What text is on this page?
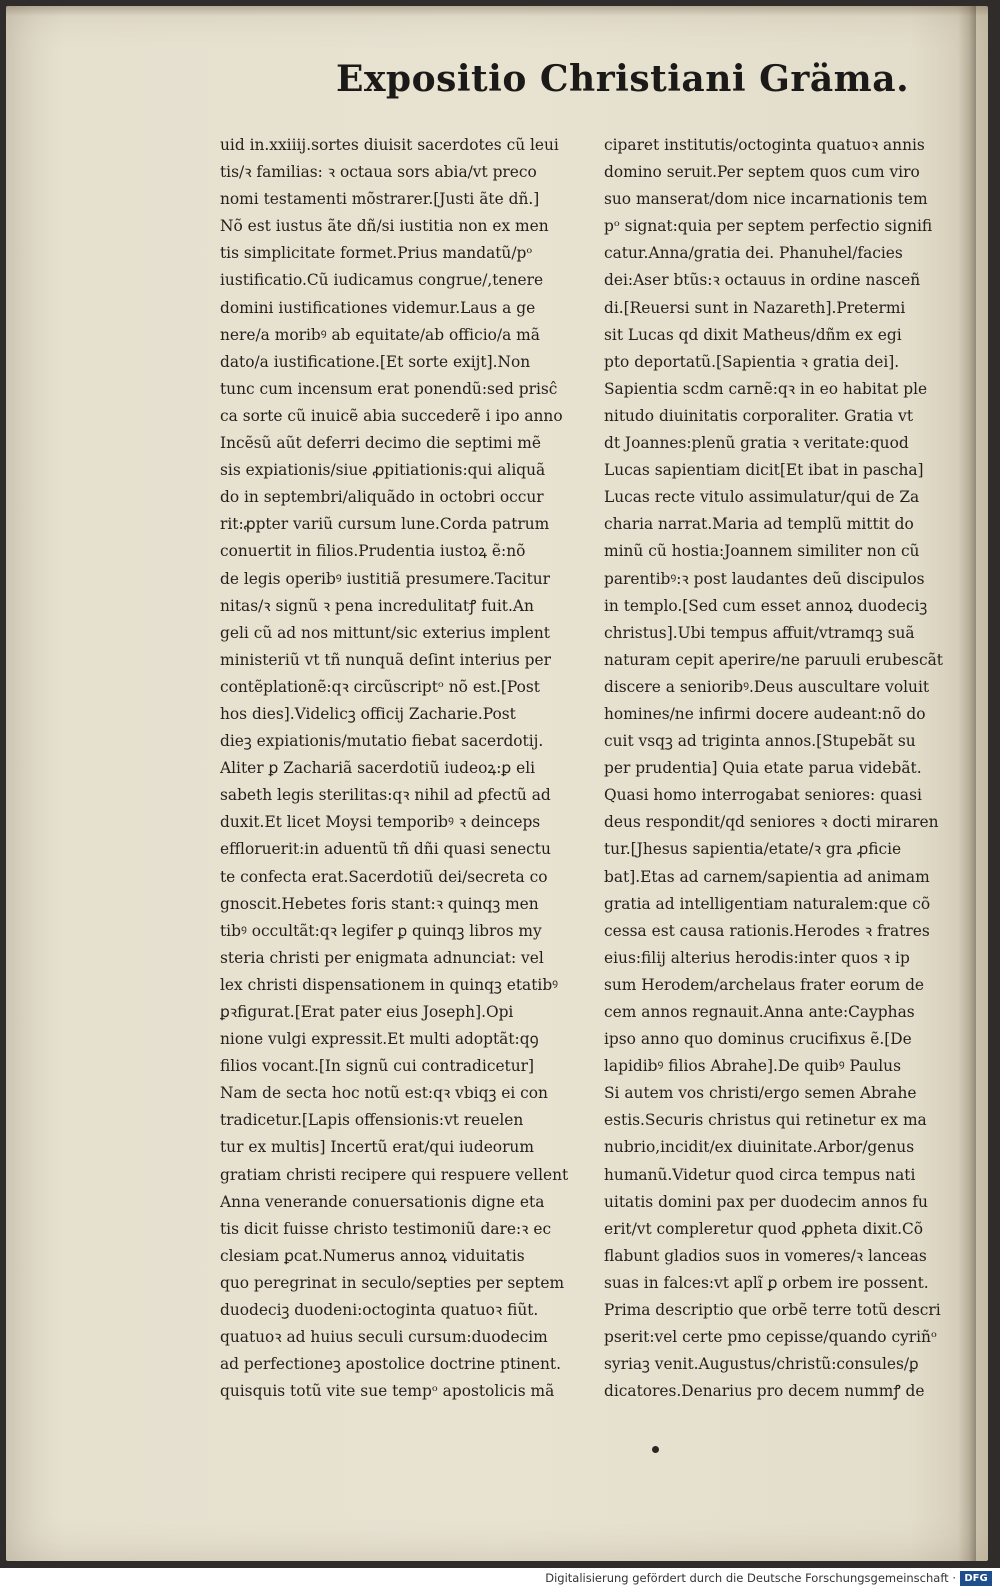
Expositio Christiani Gräma.
uid in.xxiiij.sortes diuisit sacerdotes cũ leui
tis/ꝛ familias: ꝛ octaua sors abia/vt preco
nomi testamenti mõstrarer.[Justi ãte dñ.]
Nõ est iustus ãte dñ/si iustitia non ex men
tis simplicitate formet.Prius mandatũ/pᵒ
iustificatio.Cũ iudicamus congrue/,tenere
domini iustificationes videmur.Laus a ge
nere/a moribꝰ ab equitate/ab officio/a mã
dato/a iustificatione.[Et sorte exijt].Non
tunc cum incensum erat ponendũ:sed prisĉ
ca sorte cũ inuicẽ abia succederẽ i ipo anno
Incẽsũ aũt deferri decimo die septimi mẽ
sis expiationis/siue ꝓpitiationis:qui aliquã
do in septembri/aliquãdo in octobri occur
rit:ꝓpter variũ cursum lune.Corda patrum
conuertit in filios.Prudentia iustoꝝ ẽ:nõ
de legis operibꝰ iustitiã presumere.Tacitur
nitas/ꝛ signũ ꝛ pena incredulitatꝭ fuit.An
geli cũ ad nos mittunt/sic exterius implent
ministeriũ vt tñ nunquã deſint interius per
contẽplationẽ:qꝛ circũscriptᵒ nõ est.[Post
hos dies].Videlicꝫ officij Zacharie.Post
dieꝫ expiationis/mutatio fiebat sacerdotij.
Aliter ꝑ Zachariã sacerdotiũ iudeoꝝ:ꝑ eli
sabeth legis sterilitas:qꝛ nihil ad ꝑfectũ ad
duxit.Et licet Moysi temporibꝰ ꝛ deinceps
effloruerit:in aduentũ tñ dñi quasi senectu
te confecta erat.Sacerdotiũ dei/secreta co
gnoscit.Hebetes foris stant:ꝛ quinqꝫ men
tibꝰ occultãt:qꝛ legifer ꝑ quinqꝫ libros my
steria christi per enigmata adnunciat: vel
lex christi dispensationem in quinqꝫ etatibꝰ
ꝑꝛfigurat.[Erat pater eius Joseph].Opi
nione vulgi expressit.Et multi adoptãt:qꝯ
filios vocant.[In signũ cui contradicetur]
Nam de secta hoc notũ est:qꝛ vbiqꝫ ei con
tradicetur.[Lapis offensionis:vt reuelen
tur ex multis] Incertũ erat/qui iudeorum
gratiam christi recipere qui respuere vellent
Anna venerande conuersationis digne eta
tis dicit fuisse christo testimoniũ dare:ꝛ ec
clesiam ꝑcat.Numerus annoꝝ viduitatis
quo peregrinat in seculo/septies per septem
duodeciꝫ duodeni:octoginta quatuoꝛ fiũt.
quatuoꝛ ad huius seculi cursum:duodecim
ad perfectioneꝫ apostolice doctrine ptinent.
quisquis totũ vite sue tempᵒ apostolicis mã
ciparet institutis/octoginta quatuoꝛ annis
domino seruit.Per septem quos cum viro
suo manserat/dom nice incarnationis tem
pᵒ signat:quia per septem perfectio signifi
catur.Anna/gratia dei. Phanuhel/facies
dei:Aser btũs:ꝛ octauus in ordine nasceñ
di.[Reuersi sunt in Nazareth].Pretermi
sit Lucas qd dixit Matheus/dñm ex egi
pto deportatũ.[Sapientia ꝛ gratia dei].
Sapientia scdm carnẽ:qꝛ in eo habitat ple
nitudo diuinitatis corporaliter. Gratia vt
dt Joannes:plenũ gratia ꝛ veritate:quod
Lucas sapientiam dicit[Et ibat in pascha]
Lucas recte vitulo assimulatur/qui de Za
charia narrat.Maria ad templũ mittit do
minũ cũ hostia:Joannem similiter non cũ
parentibꝰ:ꝛ post laudantes deũ discipulos
in templo.[Sed cum esset annoꝝ duodeciꝫ
christus].Ubi tempus affuit/vtramqꝫ suã
naturam cepit aperire/ne paruuli erubescãt
discere a senioribꝰ.Deus auscultare voluit
homines/ne infirmi docere audeant:nõ do
cuit vsqꝫ ad triginta annos.[Stupebãt su
per prudentia] Quia etate parua videbãt.
Quasi homo interrogabat seniores: quasi
deus respondit/qd seniores ꝛ docti miraren
tur.[Jhesus sapientia/etate/ꝛ gra ꝓficie
bat].Etas ad carnem/sapientia ad animam
gratia ad intelligentiam naturalem:que cõ
cessa est causa rationis.Herodes ꝛ fratres
eius:filij alterius herodis:inter quos ꝛ ip
sum Herodem/archelaus frater eorum de
cem annos regnauit.Anna ante:Cayphas
ipso anno quo dominus crucifixus ẽ.[De
lapidibꝰ filios Abrahe].De quibꝰ Paulus
Si autem vos christi/ergo semen Abrahe
estis.Securis christus qui retinetur ex ma
nubrio,incidit/ex diuinitate.Arbor/genus
humanũ.Videtur quod circa tempus nati
uitatis domini pax per duodecim annos fu
erit/vt compleretur quod ꝓpheta dixit.Cõ
flabunt gladios suos in vomeres/ꝛ lanceas
suas in falces:vt aplĩ ꝑ orbem ire possent.
Prima descriptio que orbẽ terre totũ descri
pserit:vel certe pmo cepisse/quando cyriñᵒ
syriaꝫ venit.Augustus/christũ:consules/ꝑ
dicatores.Denarius pro decem nummꝭ de
Digitalisierung gefördert durch die Deutsche Forschungsgemeinschaft · DFG
